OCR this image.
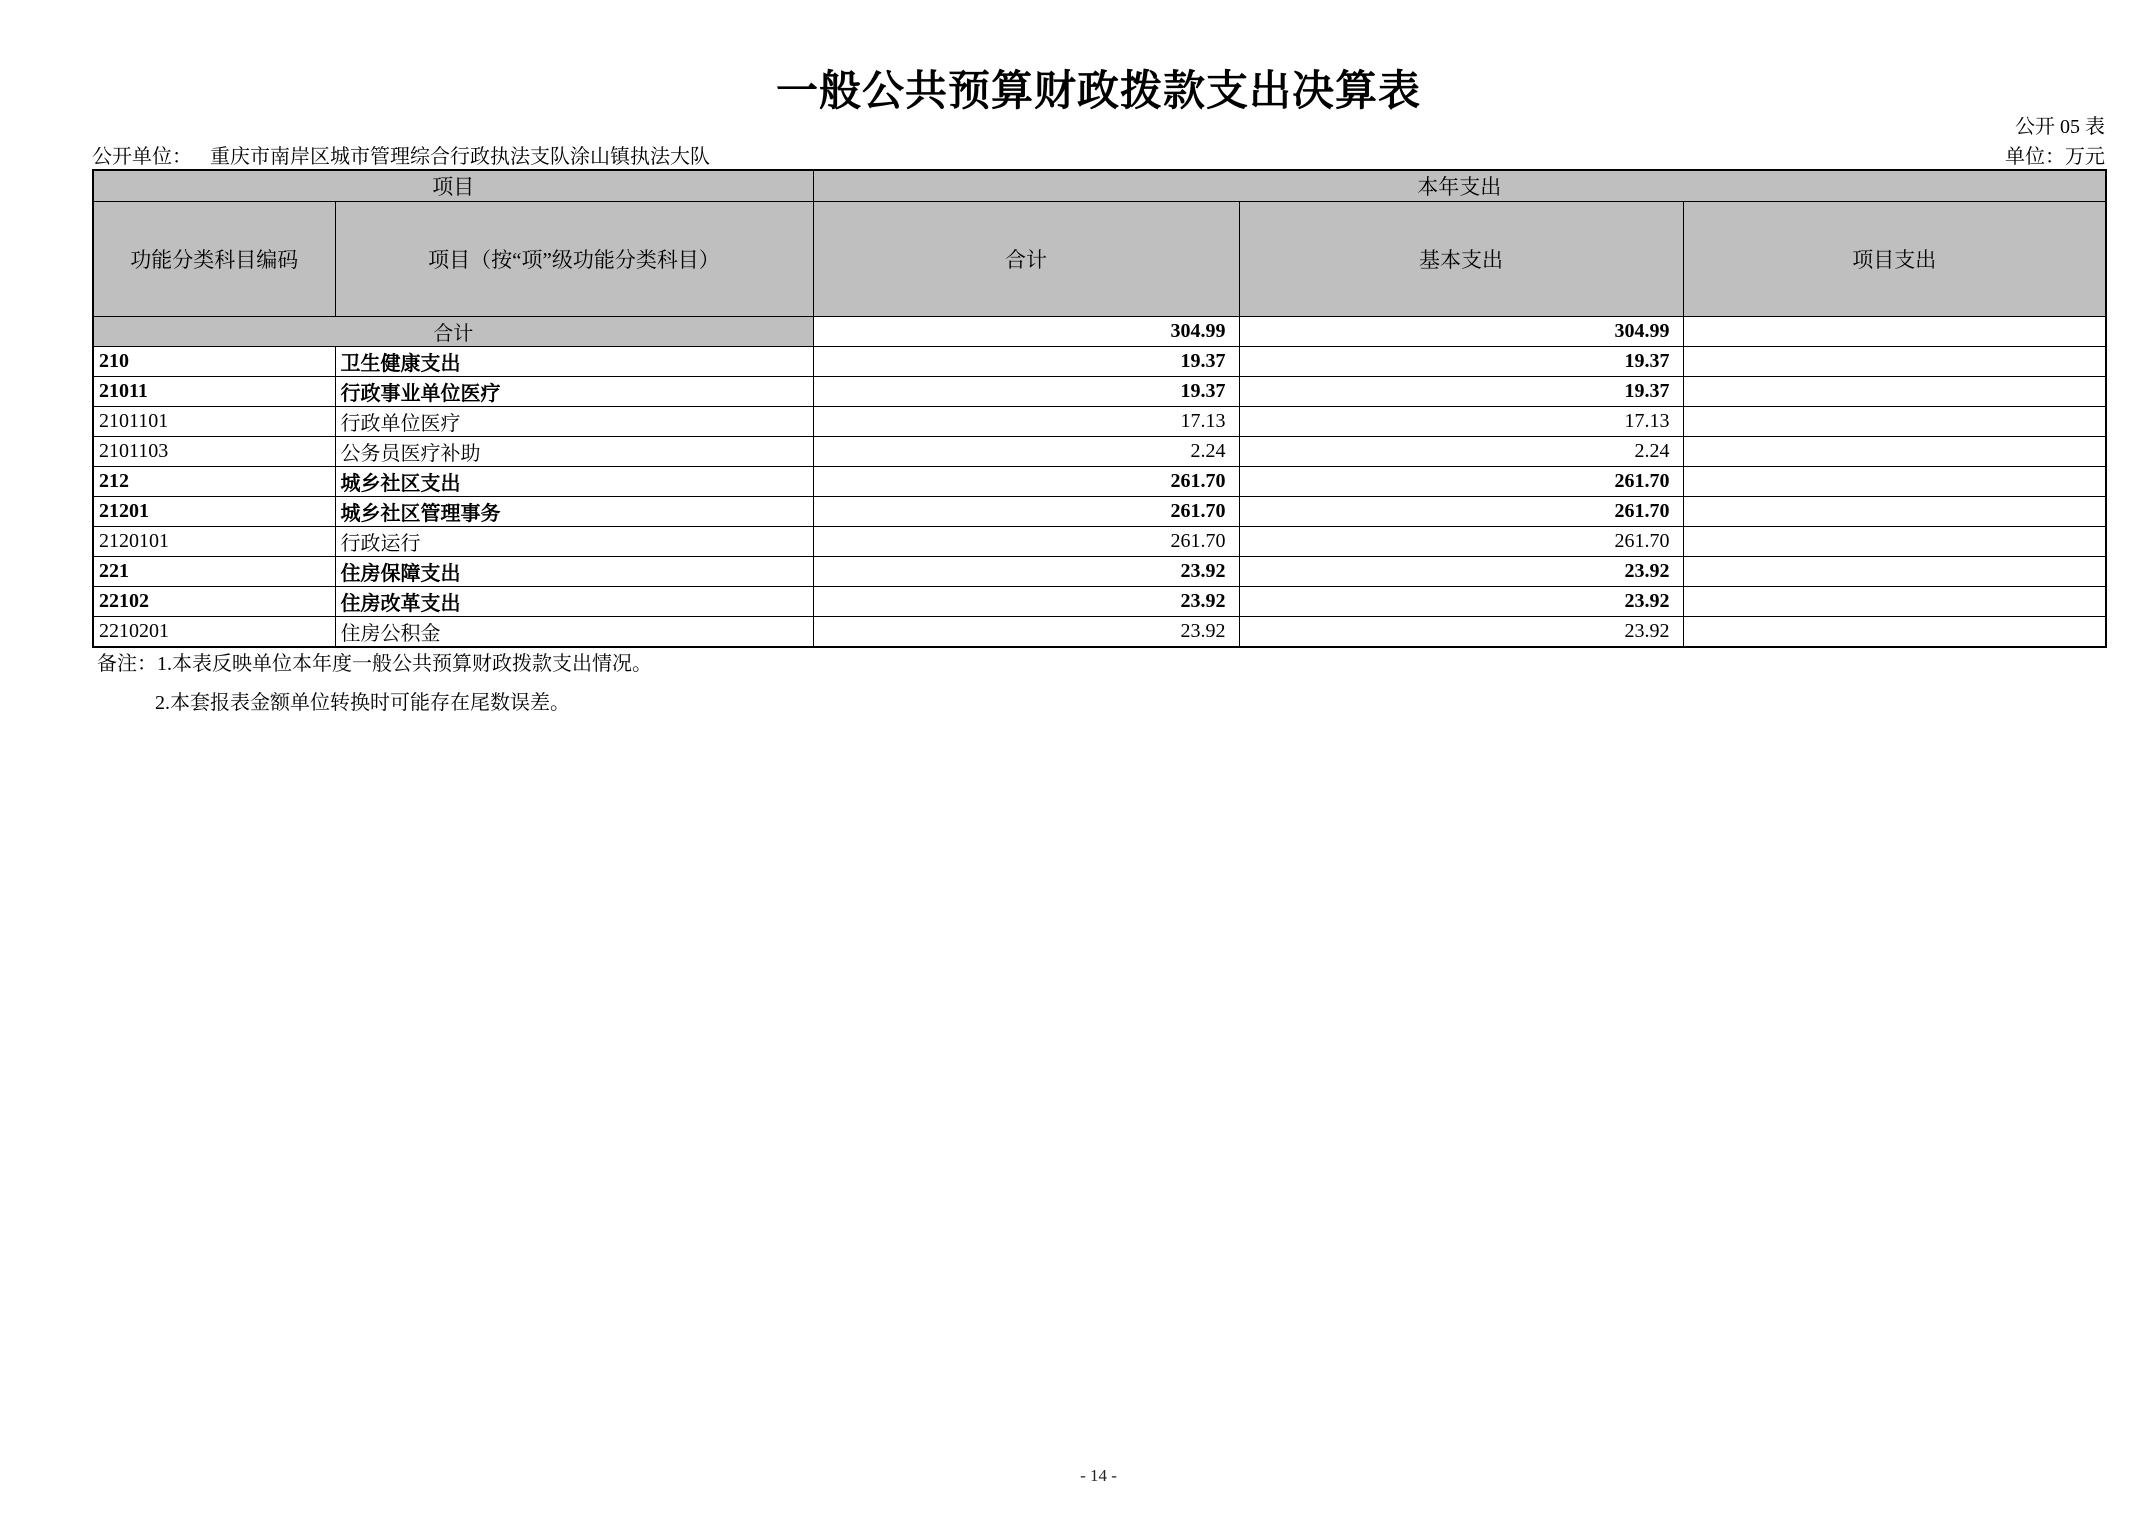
一般公共预算财政拨款支出决算表
公开 05 表
公开单位： 重庆市南岸区城市管理综合行政执法支队涂山镇执法大队	单位：万元
项目		本年支出		
功能分类科目编码	项目（按“项”级功能分类科目）	合计	基本支出	项目支出
合计		304.99	304.99	
210	卫生健康支出	19.37	19.37	
21011	行政事业单位医疗	19.37	19.37	
2101101	行政单位医疗	17.13	17.13	
2101103	公务员医疗补助	2.24	2.24	
212	城乡社区支出	261.70	261.70	
21201	城乡社区管理事务	261.70	261.70	
2120101	行政运行	261.70	261.70	
221	住房保障支出	23.92	23.92	
22102	住房改革支出	23.92	23.92	
2210201	住房公积金	23.92	23.92	
备注：1.本表反映单位本年度一般公共预算财政拨款支出情况。
2.本套报表金额单位转换时可能存在尾数误差。
- 14 -
